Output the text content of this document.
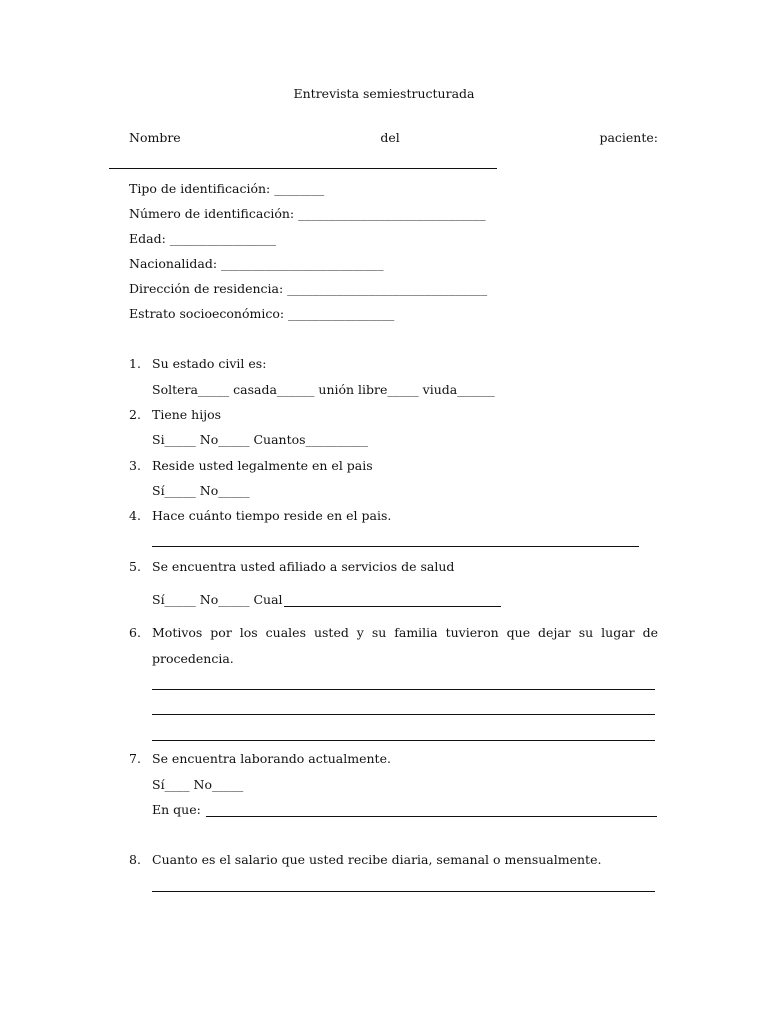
Entrevista semiestructurada
Nombre	del	paciente:
Tipo de identificación: ________
Número de identificación: ______________________________
Edad: _________________
Nacionalidad: __________________________
Dirección de residencia: ________________________________
Estrato socioeconómico: _________________
1. Su estado civil es:
Soltera_____ casada______ unión libre_____ viuda______
2. Tiene hijos
Si_____ No_____ Cuantos__________
3. Reside usted legalmente en el pais
Sí_____ No_____
4. Hace cuánto tiempo reside en el pais.
5. Se encuentra usted afiliado a servicios de salud
Sí_____ No_____ Cual
6. Motivos por los cuales usted y su familia tuvieron que dejar su lugar de procedencia.
7. Se encuentra laborando actualmente.
Sí____ No_____
En que:
8. Cuanto es el salario que usted recibe diaria, semanal o mensualmente.
